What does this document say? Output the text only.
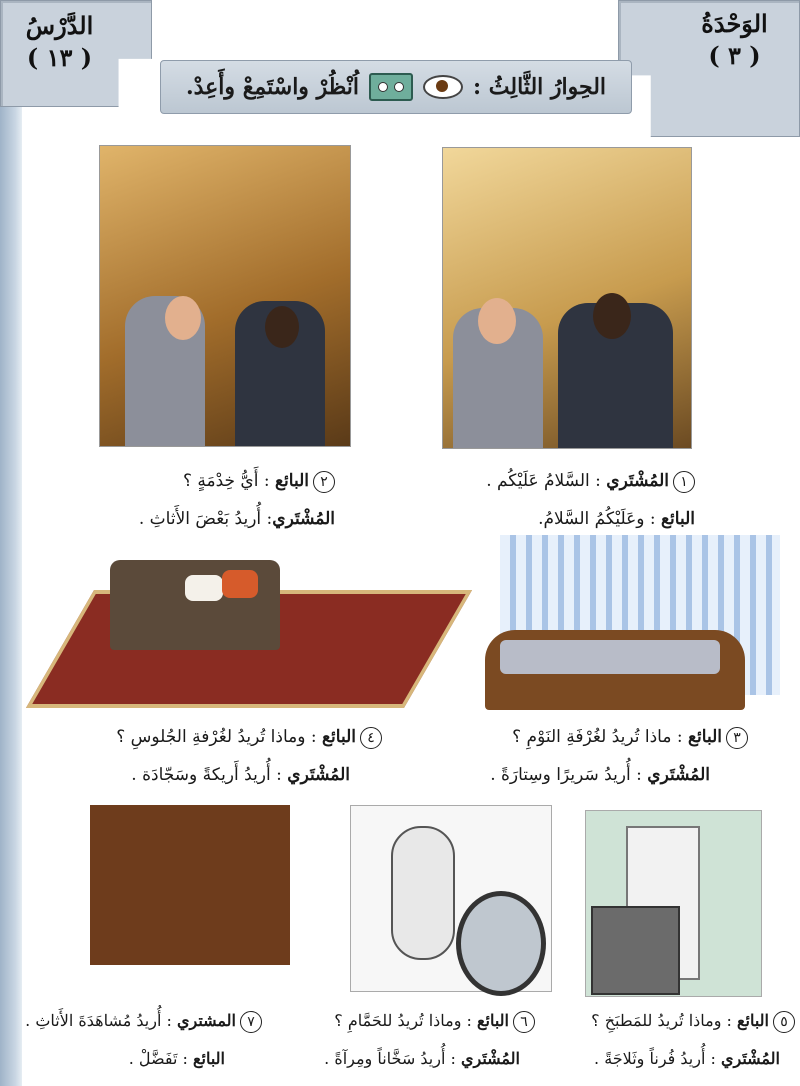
الدَّرْسُ
( ١٣ )
الوَحْدَةُ
( ٣ )
الحِوارُ الثَّالِثُ :
اُنْظُرْ واسْتَمِعْ وأَعِدْ.
١المُشْتَري : السَّلامُ عَلَيْكُم .
البائع : وعَلَيْكُمُ السَّلامُ.
٢البائع : أَيُّ خِدْمَةٍ ؟
المُشْتَري: أُريدُ بَعْضَ الأَثاثِ .
٣البائع : ماذا تُريدُ لغُرْفَةِ النَوْمِ ؟
المُشْتَري : أُريدُ سَريرًا وسِتارَةً .
٤البائع : وماذا تُريدُ لغُرْفةِ الجُلوسِ ؟
المُشْتَري : أُريدُ أَريكةً وسَجّادَة .
٥البائع : وماذا تُريدُ للمَطبَخِ ؟
المُشْتَري : أُريدُ فُرناً وثَلاجَةً .
٦البائع : وماذا تُريدُ للحَمَّامِ ؟
المُشْتَري : أُريدُ سَخَّاناً ومِرآةً .
٧المشتري : أُريدُ مُشاهَدَةَ الأَثاثِ .
البائع : تَفَضَّلْ .
